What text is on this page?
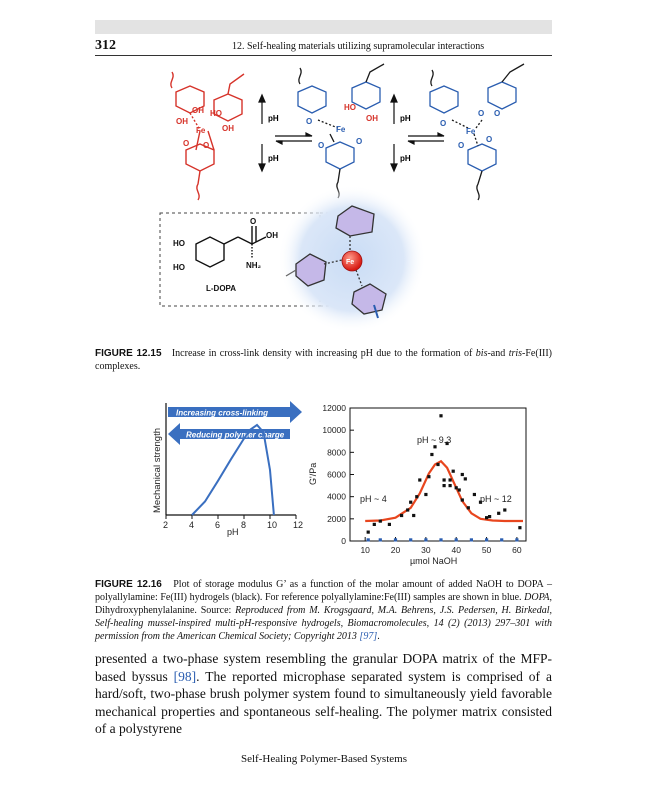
312	12. Self-healing materials utilizing supramolecular interactions
OH
OH
HO
OH
Fe
O O
pH
pH
HO
OH
O
Fe
O	O
pH
pH
O
O O
Fe
O
O
HO
HO
O
OH
NH₂
L-DOPA
Fe
FIGURE 12.15 Increase in cross-link density with increasing pH due to the formation of bis-and tris-Fe(III) complexes.
Increasing cross-linking
Reducing polymer charge
Mechanical strength
pH
2 4 6 8 10 12
0
2000
4000
6000
8000
10000
12000
10 20 30 40 50 60
G'/Pa
µmol NaOH
pH ~ 4
pH ~ 9.3
pH ~ 12
FIGURE 12.16 Plot of storage modulus G’ as a function of the molar amount of added NaOH to DOPA – polyallylamine: Fe(III) hydrogels (black). For reference polyallylamine:Fe(III) samples are shown in blue. DOPA, Dihydroxyphenylalanine. Source: Reproduced from M. Krogsgaard, M.A. Behrens, J.S. Pedersen, H. Birkedal, Self-healing mussel-inspired multi-pH-responsive hydrogels, Biomacromolecules, 14 (2) (2013) 297–301 with permission from the American Chemical Society; Copyright 2013 [97].
presented a two-phase system resembling the granular DOPA matrix of the MFP-based byssus [98]. The reported microphase separated system is comprised of a hard/soft, two-phase brush polymer system found to simultaneously yield favorable mechanical properties and spontaneous self-healing. The polymer matrix consisted of a polystyrene
Self-Healing Polymer-Based Systems
